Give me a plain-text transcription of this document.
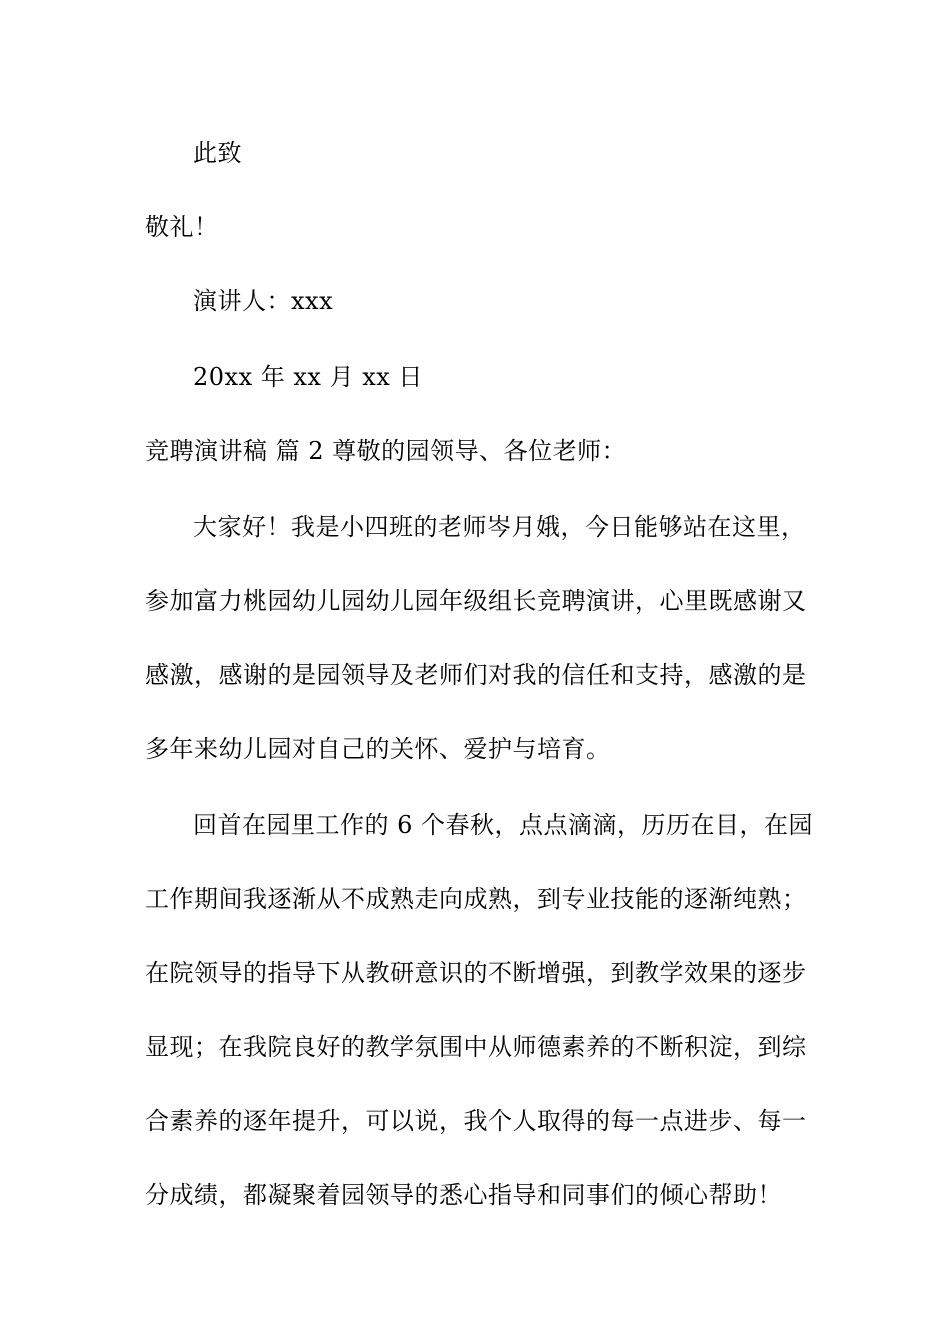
此致
敬礼！
演讲人：xxx
20xx 年 xx 月 xx 日
竞聘演讲稿 篇 2 尊敬的园领导、各位老师：
大家好！我是小四班的老师岑月娥，今日能够站在这里，
参加富力桃园幼儿园幼儿园年级组长竞聘演讲，心里既感谢又
感激，感谢的是园领导及老师们对我的信任和支持，感激的是
多年来幼儿园对自己的关怀、爱护与培育。
回首在园里工作的 6 个春秋，点点滴滴，历历在目，在园
工作期间我逐渐从不成熟走向成熟，到专业技能的逐渐纯熟；
在院领导的指导下从教研意识的不断增强，到教学效果的逐步
显现；在我院良好的教学氛围中从师德素养的不断积淀，到综
合素养的逐年提升，可以说，我个人取得的每一点进步、每一
分成绩，都凝聚着园领导的悉心指导和同事们的倾心帮助！
